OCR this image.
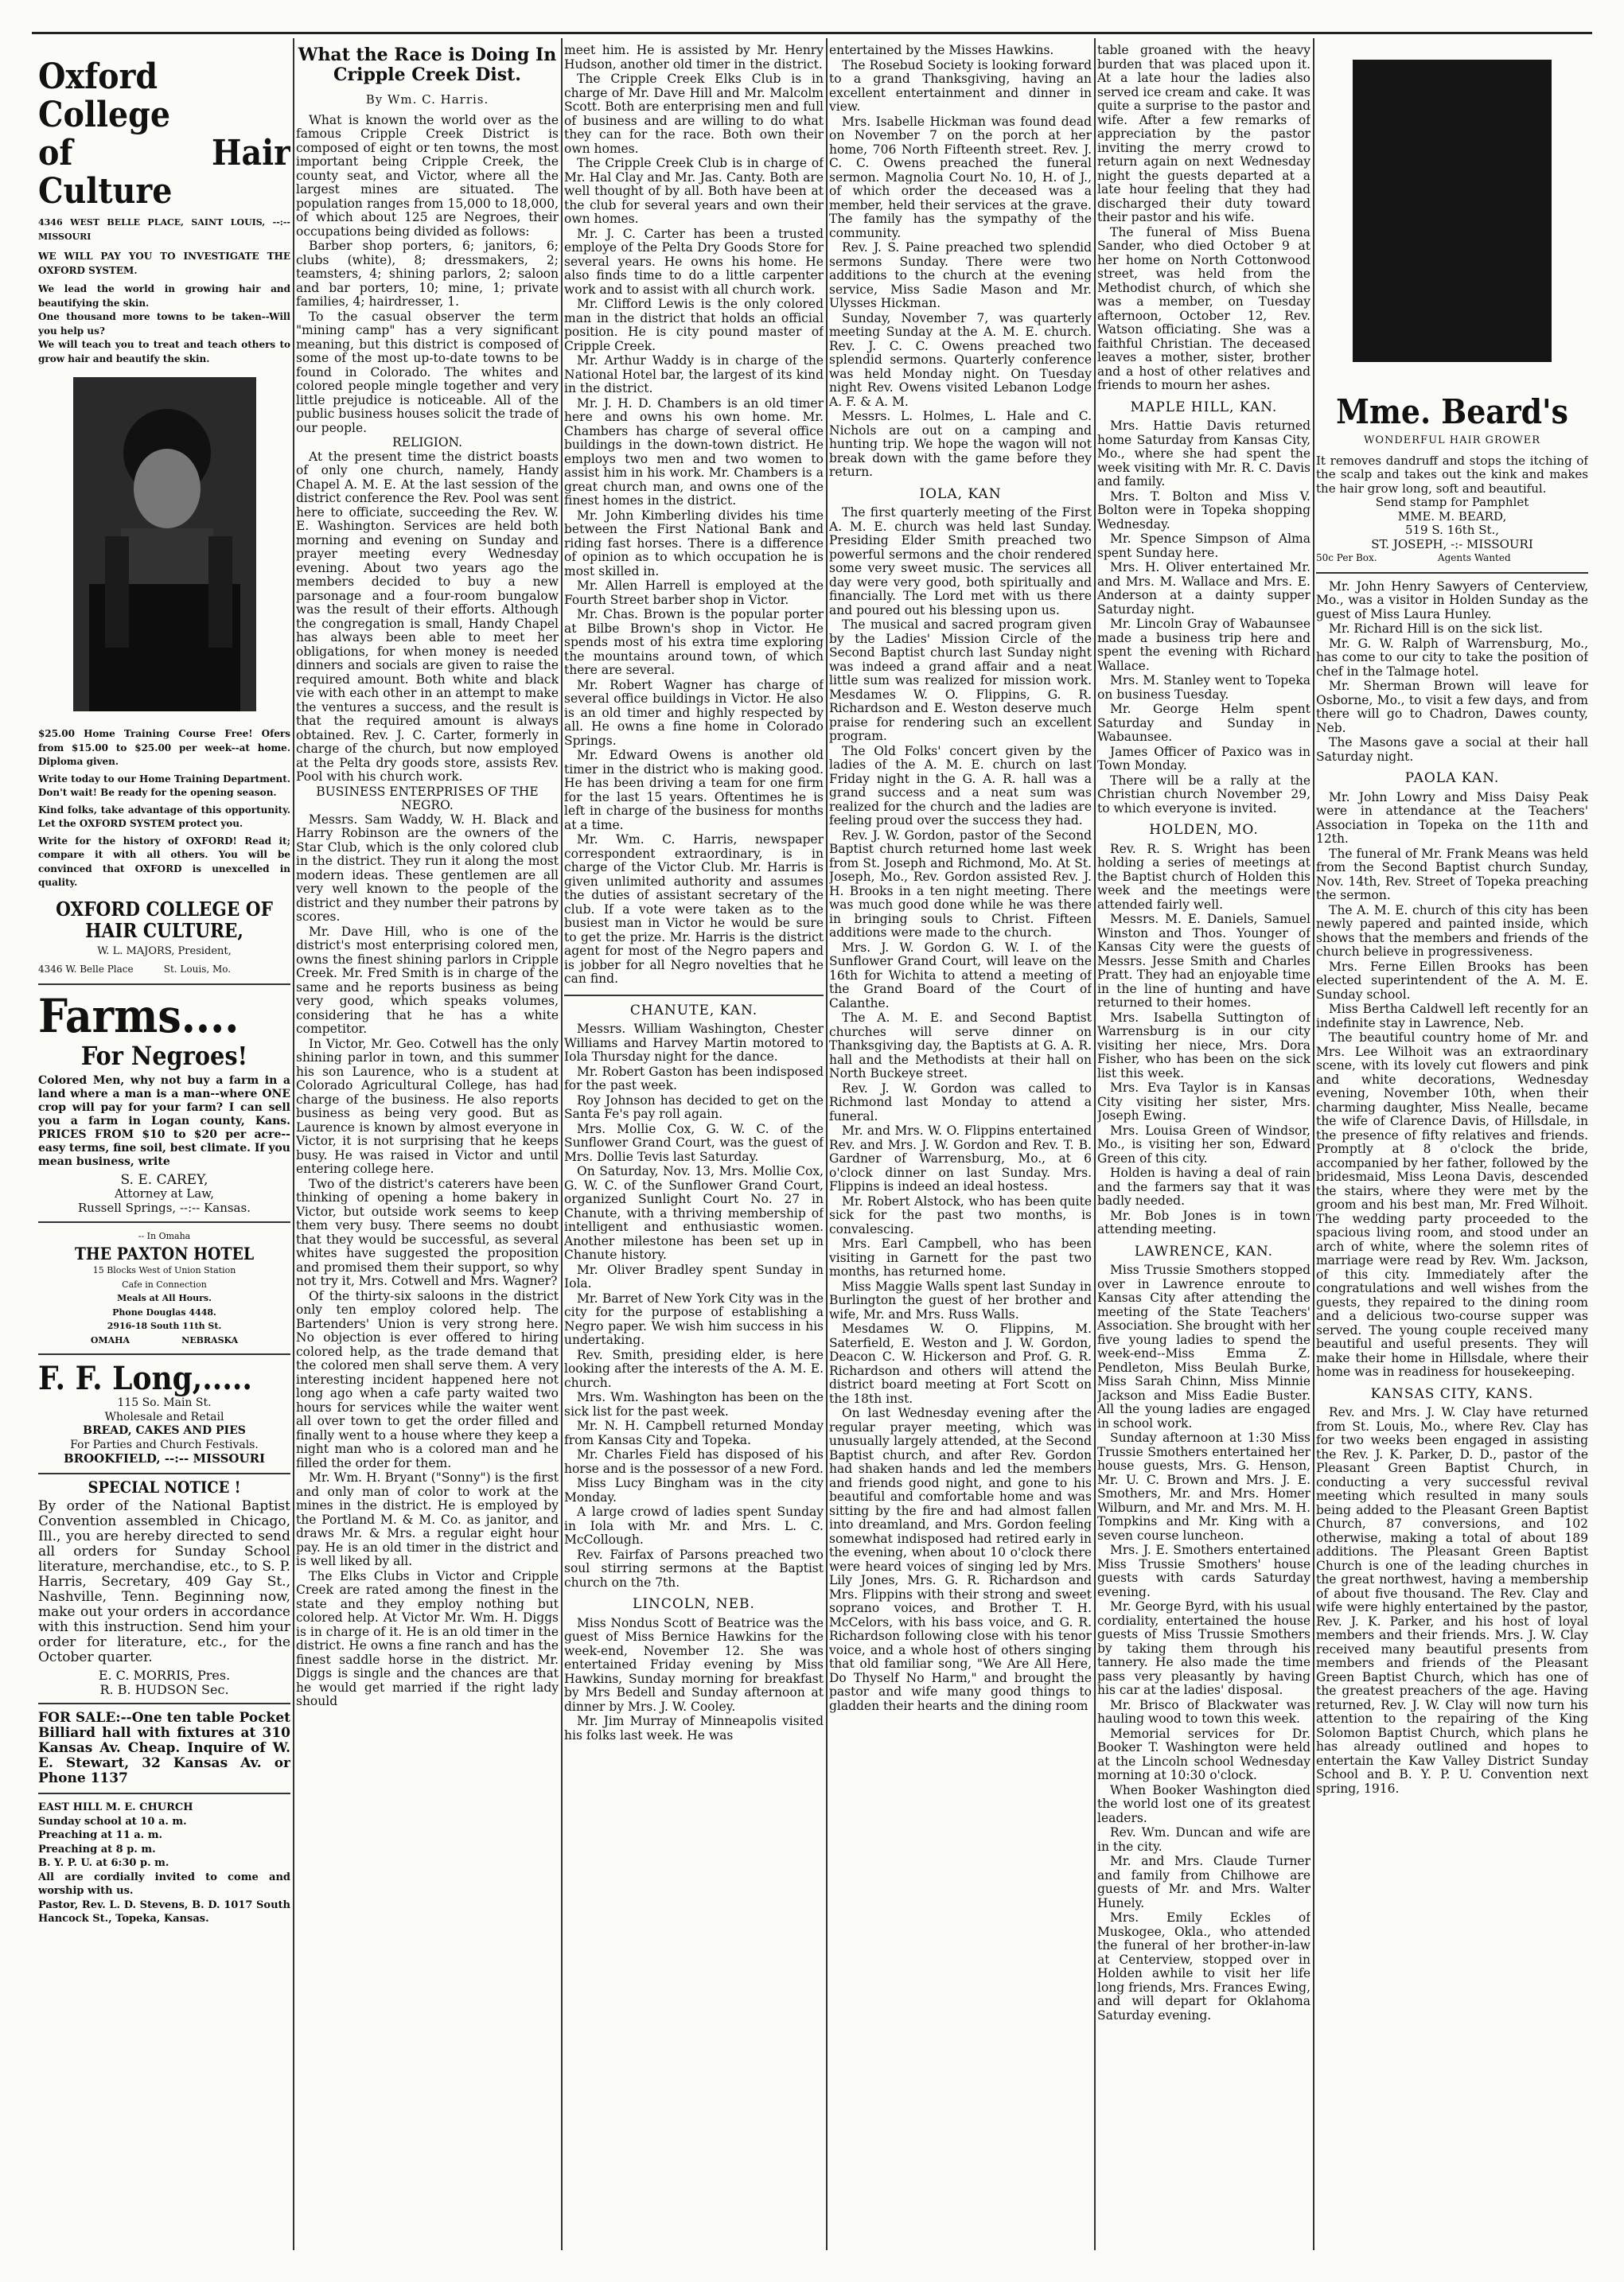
Oxford College
of Hair Culture
4346 WEST BELLE PLACE, SAINT LOUIS, --:-- MISSOURI
WE WILL PAY YOU TO INVESTIGATE THE OXFORD SYSTEM.
We lead the world in growing hair and beautifying the skin.
One thousand more towns to be taken--Will you help us?
We will teach you to treat and teach others to grow hair and beautify the skin.
$25.00 Home Training Course Free! Ofers from $15.00 to $25.00 per week--at home. Diploma given.
Write today to our Home Training Department. Don't wait! Be ready for the opening season.
Kind folks, take advantage of this opportunity. Let the OXFORD SYSTEM protect you.
Write for the history of OXFORD! Read it; compare it with all others. You will be convinced that OXFORD is unexcelled in quality.
OXFORD COLLEGE OF HAIR CULTURE,
W. L. MAJORS, President,
4346 W. Belle Place          St. Louis, Mo.
Farms....
For Negroes!
Colored Men, why not buy a farm in a land where a man is a man--where ONE crop will pay for your farm? I can sell you a farm in Logan county, Kans. PRICES FROM $10 to $20 per acre--easy terms, fine soil, best climate. If you mean business, write
S. E. CAREY,
Attorney at Law,
Russell Springs, --:-- Kansas.
-- In Omaha
THE PAXTON HOTEL
15 Blocks West of Union Station
Cafe in Connection
Meals at All Hours.
Phone Douglas 4448.
2916-18 South 11th St.
OMAHA                 NEBRASKA
F. F. Long,.....
115 So. Main St.
Wholesale and Retail
BREAD, CAKES AND PIES
For Parties and Church Festivals.
BROOKFIELD, --:-- MISSOURI
SPECIAL NOTICE !
By order of the National Baptist Convention assembled in Chicago, Ill., you are hereby directed to send all orders for Sunday School literature, merchandise, etc., to S. P. Harris, Secretary, 409 Gay St., Nashville, Tenn. Beginning now, make out your orders in accordance with this instruction. Send him your order for literature, etc., for the October quarter.
E. C. MORRIS, Pres.
R. B. HUDSON Sec.
FOR SALE:--One ten table Pocket Billiard hall with fixtures at 310 Kansas Av. Cheap. Inquire of W. E. Stewart, 32 Kansas Av. or Phone 1137
EAST HILL M. E. CHURCH
Sunday school at 10 a. m.
Preaching at 11 a. m.
Preaching at 8 p. m.
B. Y. P. U. at 6:30 p. m.
All are cordially invited to come and worship with us.
Pastor, Rev. L. D. Stevens, B. D. 1017 South Hancock St., Topeka, Kansas.
What the Race is Doing In Cripple Creek Dist.
By Wm. C. Harris.

What is known the world over as the famous Cripple Creek District is composed of eight or ten towns, the most important being Cripple Creek, the county seat, and Victor, where all the largest mines are situated. The population ranges from 15,000 to 18,000, of which about 125 are Negroes, their occupations being divided as follows:

Barber shop porters, 6; janitors, 6; clubs (white), 8; dressmakers, 2; teamsters, 4; shining parlors, 2; saloon and bar porters, 10; mine, 1; private families, 4; hairdresser, 1.

To the casual observer the term "mining camp" has a very significant meaning, but this district is composed of some of the most up-to-date towns to be found in Colorado. The whites and colored people mingle together and very little prejudice is noticeable. All of the public business houses solicit the trade of our people.

RELIGION.

At the present time the district boasts of only one church, namely, Handy Chapel A. M. E. At the last session of the district conference the Rev. Pool was sent here to officiate, succeeding the Rev. W. E. Washington. Services are held both morning and evening on Sunday and prayer meeting every Wednesday evening. About two years ago the members decided to buy a new parsonage and a four-room bungalow was the result of their efforts. Although the congregation is small, Handy Chapel has always been able to meet her obligations, for when money is needed dinners and socials are given to raise the required amount. Both white and black vie with each other in an attempt to make the ventures a success, and the result is that the required amount is always obtained. Rev. J. C. Carter, formerly in charge of the church, but now employed at the Pelta dry goods store, assists Rev. Pool with his church work.

BUSINESS ENTERPRISES OF THE NEGRO.

Messrs. Sam Waddy, W. H. Black and Harry Robinson are the owners of the Star Club, which is the only colored club in the district. They run it along the most modern ideas. These gentlemen are all very well known to the people of the district and they number their patrons by scores.

Mr. Dave Hill, who is one of the district's most enterprising colored men, owns the finest shining parlors in Cripple Creek. Mr. Fred Smith is in charge of the same and he reports business as being very good, which speaks volumes, considering that he has a white competitor.

In Victor, Mr. Geo. Cotwell has the only shining parlor in town, and this summer his son Laurence, who is a student at Colorado Agricultural College, has had charge of the business. He also reports business as being very good. But as Laurence is known by almost everyone in Victor, it is not surprising that he keeps busy. He was raised in Victor and until entering college here.

Two of the district's caterers have been thinking of opening a home bakery in Victor, but outside work seems to keep them very busy. There seems no doubt that they would be successful, as several whites have suggested the proposition and promised them their support, so why not try it, Mrs. Cotwell and Mrs. Wagner?

Of the thirty-six saloons in the district only ten employ colored help. The Bartenders' Union is very strong here. No objection is ever offered to hiring colored help, as the trade demand that the colored men shall serve them. A very interesting incident happened here not long ago when a cafe party waited two hours for services while the waiter went all over town to get the order filled and finally went to a house where they keep a night man who is a colored man and he filled the order for them.

Mr. Wm. H. Bryant ("Sonny") is the first and only man of color to work at the mines in the district. He is employed by the Portland M. & M. Co. as janitor, and draws Mr. & Mrs. a regular eight hour pay. He is an old timer in the district and is well liked by all.

The Elks Clubs in Victor and Cripple Creek are rated among the finest in the state and they employ nothing but colored help. At Victor Mr. Wm. H. Diggs is in charge of it. He is an old timer in the district. He owns a fine ranch and has the finest saddle horse in the district. Mr. Diggs is single and the chances are that he would get married if the right lady should

meet him. He is assisted by Mr. Henry Hudson, another old timer in the district.

The Cripple Creek Elks Club is in charge of Mr. Dave Hill and Mr. Malcolm Scott. Both are enterprising men and full of business and are willing to do what they can for the race. Both own their own homes.

The Cripple Creek Club is in charge of Mr. Hal Clay and Mr. Jas. Canty. Both are well thought of by all. Both have been at the club for several years and own their own homes.

Mr. J. C. Carter has been a trusted employe of the Pelta Dry Goods Store for several years. He owns his home. He also finds time to do a little carpenter work and to assist with all church work.

Mr. Clifford Lewis is the only colored man in the district that holds an official position. He is city pound master of Cripple Creek.

Mr. Arthur Waddy is in charge of the National Hotel bar, the largest of its kind in the district.

Mr. J. H. D. Chambers is an old timer here and owns his own home. Mr. Chambers has charge of several office buildings in the down-town district. He employs two men and two women to assist him in his work. Mr. Chambers is a great church man, and owns one of the finest homes in the district.

Mr. John Kimberling divides his time between the First National Bank and riding fast horses. There is a difference of opinion as to which occupation he is most skilled in.

Mr. Allen Harrell is employed at the Fourth Street barber shop in Victor.

Mr. Chas. Brown is the popular porter at Bilbe Brown's shop in Victor. He spends most of his extra time exploring the mountains around town, of which there are several.

Mr. Robert Wagner has charge of several office buildings in Victor. He also is an old timer and highly respected by all. He owns a fine home in Colorado Springs.

Mr. Edward Owens is another old timer in the district who is making good. He has been driving a team for one firm for the last 15 years. Oftentimes he is left in charge of the business for months at a time.

Mr. Wm. C. Harris, newspaper correspondent extraordinary, is in charge of the Victor Club. Mr. Harris is given unlimited authority and assumes the duties of assistant secretary of the club. If a vote were taken as to the busiest man in Victor he would be sure to get the prize. Mr. Harris is the district agent for most of the Negro papers and is jobber for all Negro novelties that he can find.

CHANUTE, KAN.

Messrs. William Washington, Chester Williams and Harvey Martin motored to Iola Thursday night for the dance.

Mr. Robert Gaston has been indisposed for the past week.

Roy Johnson has decided to get on the Santa Fe's pay roll again.

Mrs. Mollie Cox, G. W. C. of the Sunflower Grand Court, was the guest of Mrs. Dollie Tevis last Saturday.

On Saturday, Nov. 13, Mrs. Mollie Cox, G. W. C. of the Sunflower Grand Court, organized Sunlight Court No. 27 in Chanute, with a thriving membership of intelligent and enthusiastic women. Another milestone has been set up in Chanute history.

Mr. Oliver Bradley spent Sunday in Iola.

Mr. Barret of New York City was in the city for the purpose of establishing a Negro paper. We wish him success in his undertaking.

Rev. Smith, presiding elder, is here looking after the interests of the A. M. E. church.

Mrs. Wm. Washington has been on the sick list for the past week.

Mr. N. H. Campbell returned Monday from Kansas City and Topeka.

Mr. Charles Field has disposed of his horse and is the possessor of a new Ford.

Miss Lucy Bingham was in the city Monday.

A large crowd of ladies spent Sunday in Iola with Mr. and Mrs. L. C. McCollough.

Rev. Fairfax of Parsons preached two soul stirring sermons at the Baptist church on the 7th.

LINCOLN, NEB.

Miss Nondus Scott of Beatrice was the guest of Miss Bernice Hawkins for the week-end, November 12. She was entertained Friday evening by Miss Hawkins, Sunday morning for breakfast by Mrs Bedell and Sunday afternoon at dinner by Mrs. J. W. Cooley.

Mr. Jim Murray of Minneapolis visited his folks last week. He was

entertained by the Misses Hawkins.

The Rosebud Society is looking forward to a grand Thanksgiving, having an excellent entertainment and dinner in view.

Mrs. Isabelle Hickman was found dead on November 7 on the porch at her home, 706 North Fifteenth street. Rev. J. C. C. Owens preached the funeral sermon. Magnolia Court No. 10, H. of J., of which order the deceased was a member, held their services at the grave. The family has the sympathy of the community.

Rev. J. S. Paine preached two splendid sermons Sunday. There were two additions to the church at the evening service, Miss Sadie Mason and Mr. Ulysses Hickman.

Sunday, November 7, was quarterly meeting Sunday at the A. M. E. church. Rev. J. C. C. Owens preached two splendid sermons. Quarterly conference was held Monday night. On Tuesday night Rev. Owens visited Lebanon Lodge A. F. & A. M.

Messrs. L. Holmes, L. Hale and C. Nichols are out on a camping and hunting trip. We hope the wagon will not break down with the game before they return.

IOLA, KAN

The first quarterly meeting of the First A. M. E. church was held last Sunday. Presiding Elder Smith preached two powerful sermons and the choir rendered some very sweet music. The services all day were very good, both spiritually and financially. The Lord met with us there and poured out his blessing upon us.

The musical and sacred program given by the Ladies' Mission Circle of the Second Baptist church last Sunday night was indeed a grand affair and a neat little sum was realized for mission work. Mesdames W. O. Flippins, G. R. Richardson and E. Weston deserve much praise for rendering such an excellent program.

The Old Folks' concert given by the ladies of the A. M. E. church on last Friday night in the G. A. R. hall was a grand success and a neat sum was realized for the church and the ladies are feeling proud over the success they had.

Rev. J. W. Gordon, pastor of the Second Baptist church returned home last week from St. Joseph and Richmond, Mo. At St. Joseph, Mo., Rev. Gordon assisted Rev. J. H. Brooks in a ten night meeting. There was much good done while he was there in bringing souls to Christ. Fifteen additions were made to the church.

Mrs. J. W. Gordon G. W. I. of the Sunflower Grand Court, will leave on the 16th for Wichita to attend a meeting of the Grand Board of the Court of Calanthe.

The A. M. E. and Second Baptist churches will serve dinner on Thanksgiving day, the Baptists at G. A. R. hall and the Methodists at their hall on North Buckeye street.

Rev. J. W. Gordon was called to Richmond last Monday to attend a funeral.

Mr. and Mrs. W. O. Flippins entertained Rev. and Mrs. J. W. Gordon and Rev. T. B. Gardner of Warrensburg, Mo., at 6 o'clock dinner on last Sunday. Mrs. Flippins is indeed an ideal hostess.

Mr. Robert Alstock, who has been quite sick for the past two months, is convalescing.

Mrs. Earl Campbell, who has been visiting in Garnett for the past two months, has returned home.

Miss Maggie Walls spent last Sunday in Burlington the guest of her brother and wife, Mr. and Mrs. Russ Walls.

Mesdames W. O. Flippins, M. Saterfield, E. Weston and J. W. Gordon, Deacon C. W. Hickerson and Prof. G. R. Richardson and others will attend the district board meeting at Fort Scott on the 18th inst.

On last Wednesday evening after the regular prayer meeting, which was unusually largely attended, at the Second Baptist church, and after Rev. Gordon had shaken hands and led the members and friends good night, and gone to his beautiful and comfortable home and was sitting by the fire and had almost fallen into dreamland, and Mrs. Gordon feeling somewhat indisposed had retired early in the evening, when about 10 o'clock there were heard voices of singing led by Mrs. Lily Jones, Mrs. G. R. Richardson and Mrs. Flippins with their strong and sweet soprano voices, and Brother T. H. McCelors, with his bass voice, and G. R. Richardson following close with his tenor voice, and a whole host of others singing that old familiar song, "We Are All Here, Do Thyself No Harm," and brought the pastor and wife many good things to gladden their hearts and the dining room

table groaned with the heavy burden that was placed upon it. At a late hour the ladies also served ice cream and cake. It was quite a surprise to the pastor and wife. After a few remarks of appreciation by the pastor inviting the merry crowd to return again on next Wednesday night the guests departed at a late hour feeling that they had discharged their duty toward their pastor and his wife.

The funeral of Miss Buena Sander, who died October 9 at her home on North Cottonwood street, was held from the Methodist church, of which she was a member, on Tuesday afternoon, October 12, Rev. Watson officiating. She was a faithful Christian. The deceased leaves a mother, sister, brother and a host of other relatives and friends to mourn her ashes.

MAPLE HILL, KAN.

Mrs. Hattie Davis returned home Saturday from Kansas City, Mo., where she had spent the week visiting with Mr. R. C. Davis and family.

Mrs. T. Bolton and Miss V. Bolton were in Topeka shopping Wednesday.

Mr. Spence Simpson of Alma spent Sunday here.

Mrs. H. Oliver entertained Mr. and Mrs. M. Wallace and Mrs. E. Anderson at a dainty supper Saturday night.

Mr. Lincoln Gray of Wabaunsee made a business trip here and spent the evening with Richard Wallace.

Mrs. M. Stanley went to Topeka on business Tuesday.

Mr. George Helm spent Saturday and Sunday in Wabaunsee.

James Officer of Paxico was in Town Monday.

There will be a rally at the Christian church November 29, to which everyone is invited.

HOLDEN, MO.

Rev. R. S. Wright has been holding a series of meetings at the Baptist church of Holden this week and the meetings were attended fairly well.

Messrs. M. E. Daniels, Samuel Winston and Thos. Younger of Kansas City were the guests of Messrs. Jesse Smith and Charles Pratt. They had an enjoyable time in the line of hunting and have returned to their homes.

Mrs. Isabella Suttington of Warrensburg is in our city visiting her niece, Mrs. Dora Fisher, who has been on the sick list this week.

Mrs. Eva Taylor is in Kansas City visiting her sister, Mrs. Joseph Ewing.

Mrs. Louisa Green of Windsor, Mo., is visiting her son, Edward Green of this city.

Holden is having a deal of rain and the farmers say that it was badly needed.

Mr. Bob Jones is in town attending meeting.

LAWRENCE, KAN.

Miss Trussie Smothers stopped over in Lawrence enroute to Kansas City after attending the meeting of the State Teachers' Association. She brought with her five young ladies to spend the week-end--Miss Emma Z. Pendleton, Miss Beulah Burke, Miss Sarah Chinn, Miss Minnie Jackson and Miss Eadie Buster. All the young ladies are engaged in school work.

Sunday afternoon at 1:30 Miss Trussie Smothers entertained her house guests, Mrs. G. Henson, Mr. U. C. Brown and Mrs. J. E. Smothers, Mr. and Mrs. Homer Wilburn, and Mr. and Mrs. M. H. Tompkins and Mr. King with a seven course luncheon.

Mrs. J. E. Smothers entertained Miss Trussie Smothers' house guests with cards Saturday evening.

Mr. George Byrd, with his usual cordiality, entertained the house guests of Miss Trussie Smothers by taking them through his tannery. He also made the time pass very pleasantly by having his car at the ladies' disposal.

Mr. Brisco of Blackwater was hauling wood to town this week.

Memorial services for Dr. Booker T. Washington were held at the Lincoln school Wednesday morning at 10:30 o'clock.

When Booker Washington died the world lost one of its greatest leaders.

Rev. Wm. Duncan and wife are in the city.

Mr. and Mrs. Claude Turner and family from Chilhowe are guests of Mr. and Mrs. Walter Hunely.

Mrs. Emily Eckles of Muskogee, Okla., who attended the funeral of her brother-in-law at Centerview, stopped over in Holden awhile to visit her life long friends, Mrs. Frances Ewing, and will depart for Oklahoma Saturday evening.

Mme. Beard's
WONDERFUL HAIR GROWER
It removes dandruff and stops the itching of the scalp and takes out the kink and makes the hair grow long, soft and beautiful.
Send stamp for Pamphlet
MME. M. BEARD,
519 S. 16th St.,
ST. JOSEPH, -:- MISSOURI
50c Per Box.                    Agents Wanted

Mr. John Henry Sawyers of Centerview, Mo., was a visitor in Holden Sunday as the guest of Miss Laura Hunley.

Mr. Richard Hill is on the sick list.

Mr. G. W. Ralph of Warrensburg, Mo., has come to our city to take the position of chef in the Talmage hotel.

Mr. Sherman Brown will leave for Osborne, Mo., to visit a few days, and from there will go to Chadron, Dawes county, Neb.

The Masons gave a social at their hall Saturday night.

PAOLA KAN.

Mr. John Lowry and Miss Daisy Peak were in attendance at the Teachers' Association in Topeka on the 11th and 12th.

The funeral of Mr. Frank Means was held from the Second Baptist church Sunday, Nov. 14th, Rev. Street of Topeka preaching the sermon.

The A. M. E. church of this city has been newly papered and painted inside, which shows that the members and friends of the church believe in progressiveness.

Mrs. Ferne Eillen Brooks has been elected superintendent of the A. M. E. Sunday school.

Miss Bertha Caldwell left recently for an indefinite stay in Lawrence, Neb.

The beautiful country home of Mr. and Mrs. Lee Wilhoit was an extraordinary scene, with its lovely cut flowers and pink and white decorations, Wednesday evening, November 10th, when their charming daughter, Miss Nealle, became the wife of Clarence Davis, of Hillsdale, in the presence of fifty relatives and friends. Promptly at 8 o'clock the bride, accompanied by her father, followed by the bridesmaid, Miss Leona Davis, descended the stairs, where they were met by the groom and his best man, Mr. Fred Wilhoit. The wedding party proceeded to the spacious living room, and stood under an arch of white, where the solemn rites of marriage were read by Rev. Wm. Jackson, of this city. Immediately after the congratulations and well wishes from the guests, they repaired to the dining room and a delicious two-course supper was served. The young couple received many beautiful and useful presents. They will make their home in Hillsdale, where their home was in readiness for housekeeping.

KANSAS CITY, KANS.

Rev. and Mrs. J. W. Clay have returned from St. Louis, Mo., where Rev. Clay has for two weeks been engaged in assisting the Rev. J. K. Parker, D. D., pastor of the Pleasant Green Baptist Church, in conducting a very successful revival meeting which resulted in many souls being added to the Pleasant Green Baptist Church, 87 conversions, and 102 otherwise, making a total of about 189 additions. The Pleasant Green Baptist Church is one of the leading churches in the great northwest, having a membership of about five thousand. The Rev. Clay and wife were highly entertained by the pastor, Rev. J. K. Parker, and his host of loyal members and their friends. Mrs. J. W. Clay received many beautiful presents from members and friends of the Pleasant Green Baptist Church, which has one of the greatest preachers of the age. Having returned, Rev. J. W. Clay will now turn his attention to the repairing of the King Solomon Baptist Church, which plans he has already outlined and hopes to entertain the Kaw Valley District Sunday School and B. Y. P. U. Convention next spring, 1916.
